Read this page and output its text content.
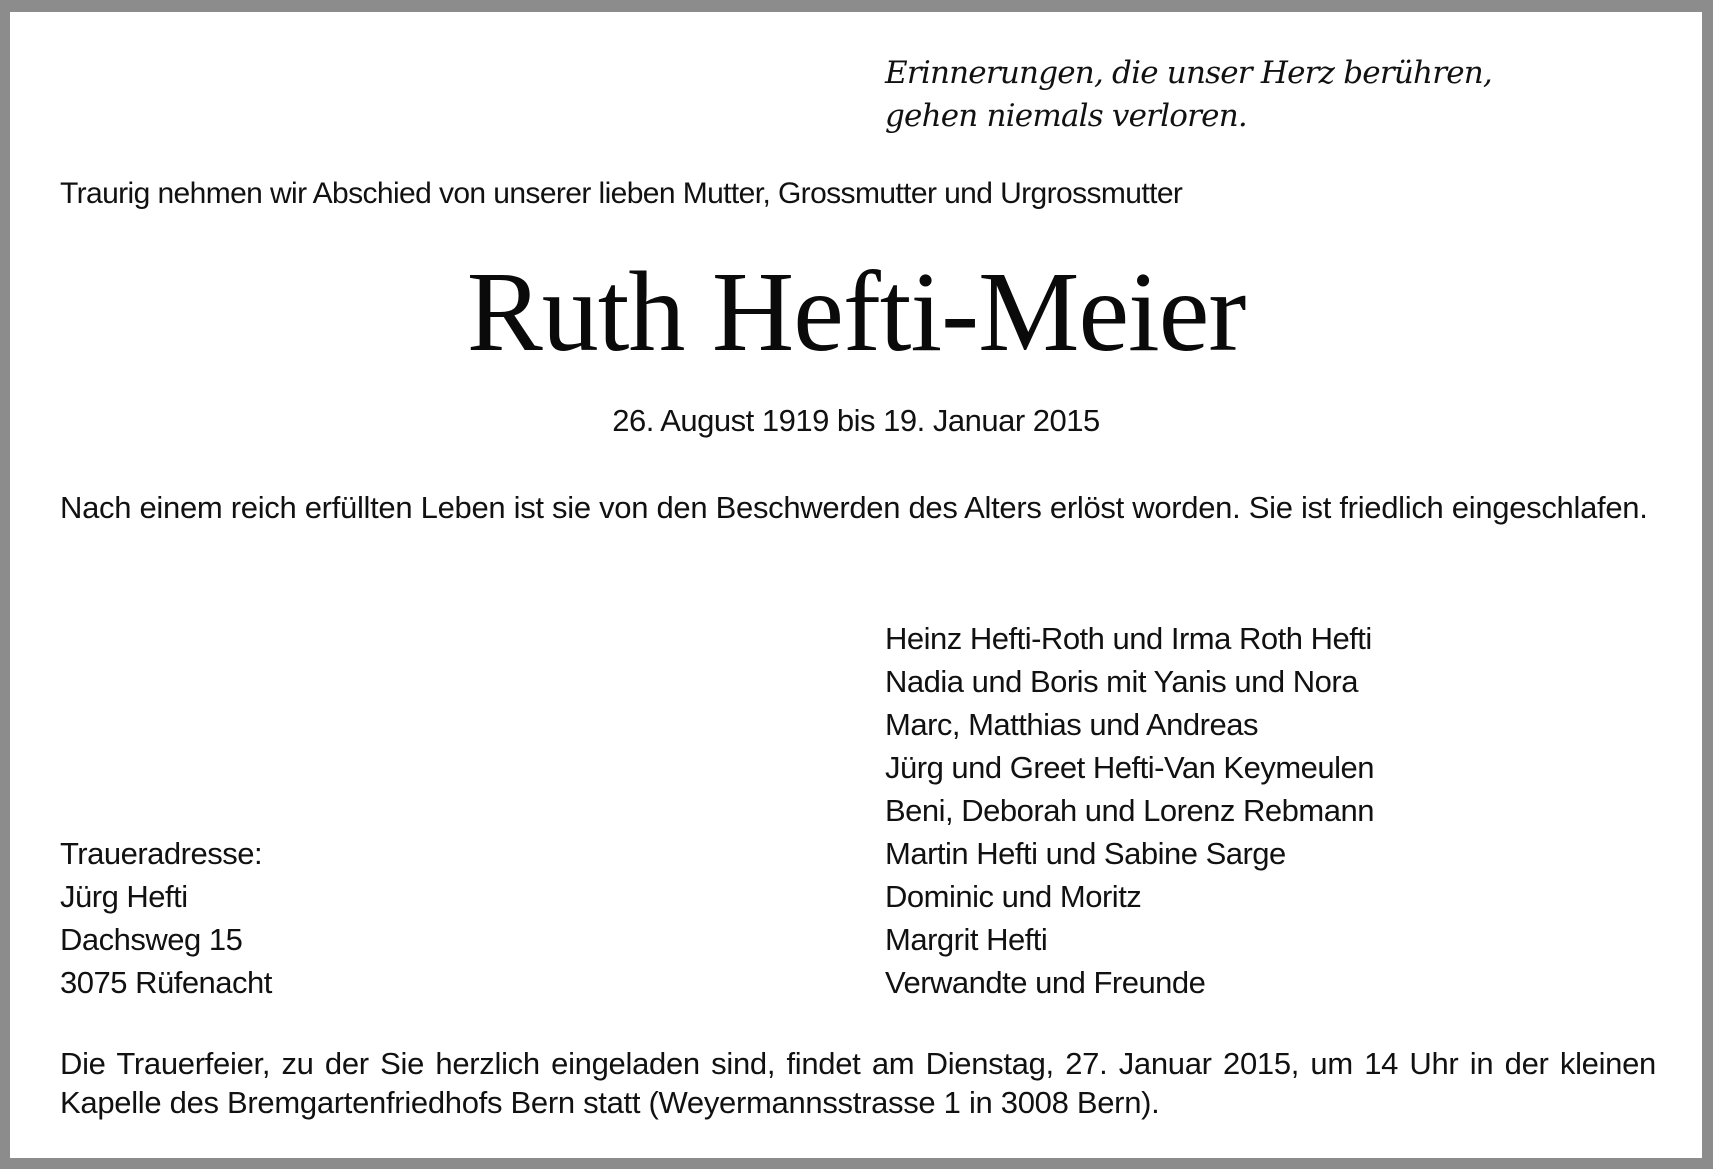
Erinnerungen, die unser Herz berühren,
gehen niemals verloren.
Traurig nehmen wir Abschied von unserer lieben Mutter, Grossmutter und Urgrossmutter
Ruth Hefti-Meier
26. August 1919 bis 19. Januar 2015
Nach einem reich erfüllten Leben ist sie von den Beschwerden des Alters erlöst worden. Sie ist friedlich eingeschlafen.
Heinz Hefti-Roth und Irma Roth Hefti
Nadia und Boris mit Yanis und Nora
Marc, Matthias und Andreas
Jürg und Greet Hefti-Van Keymeulen
Beni, Deborah und Lorenz Rebmann
Martin Hefti und Sabine Sarge
Dominic und Moritz
Margrit Hefti
Verwandte und Freunde
Traueradresse:
Jürg Hefti
Dachsweg 15
3075 Rüfenacht
Die Trauerfeier, zu der Sie herzlich eingeladen sind, findet am Dienstag, 27. Januar 2015, um 14 Uhr in der kleinen Kapelle des Bremgartenfriedhofs Bern statt (Weyermannsstrasse 1 in 3008 Bern).
